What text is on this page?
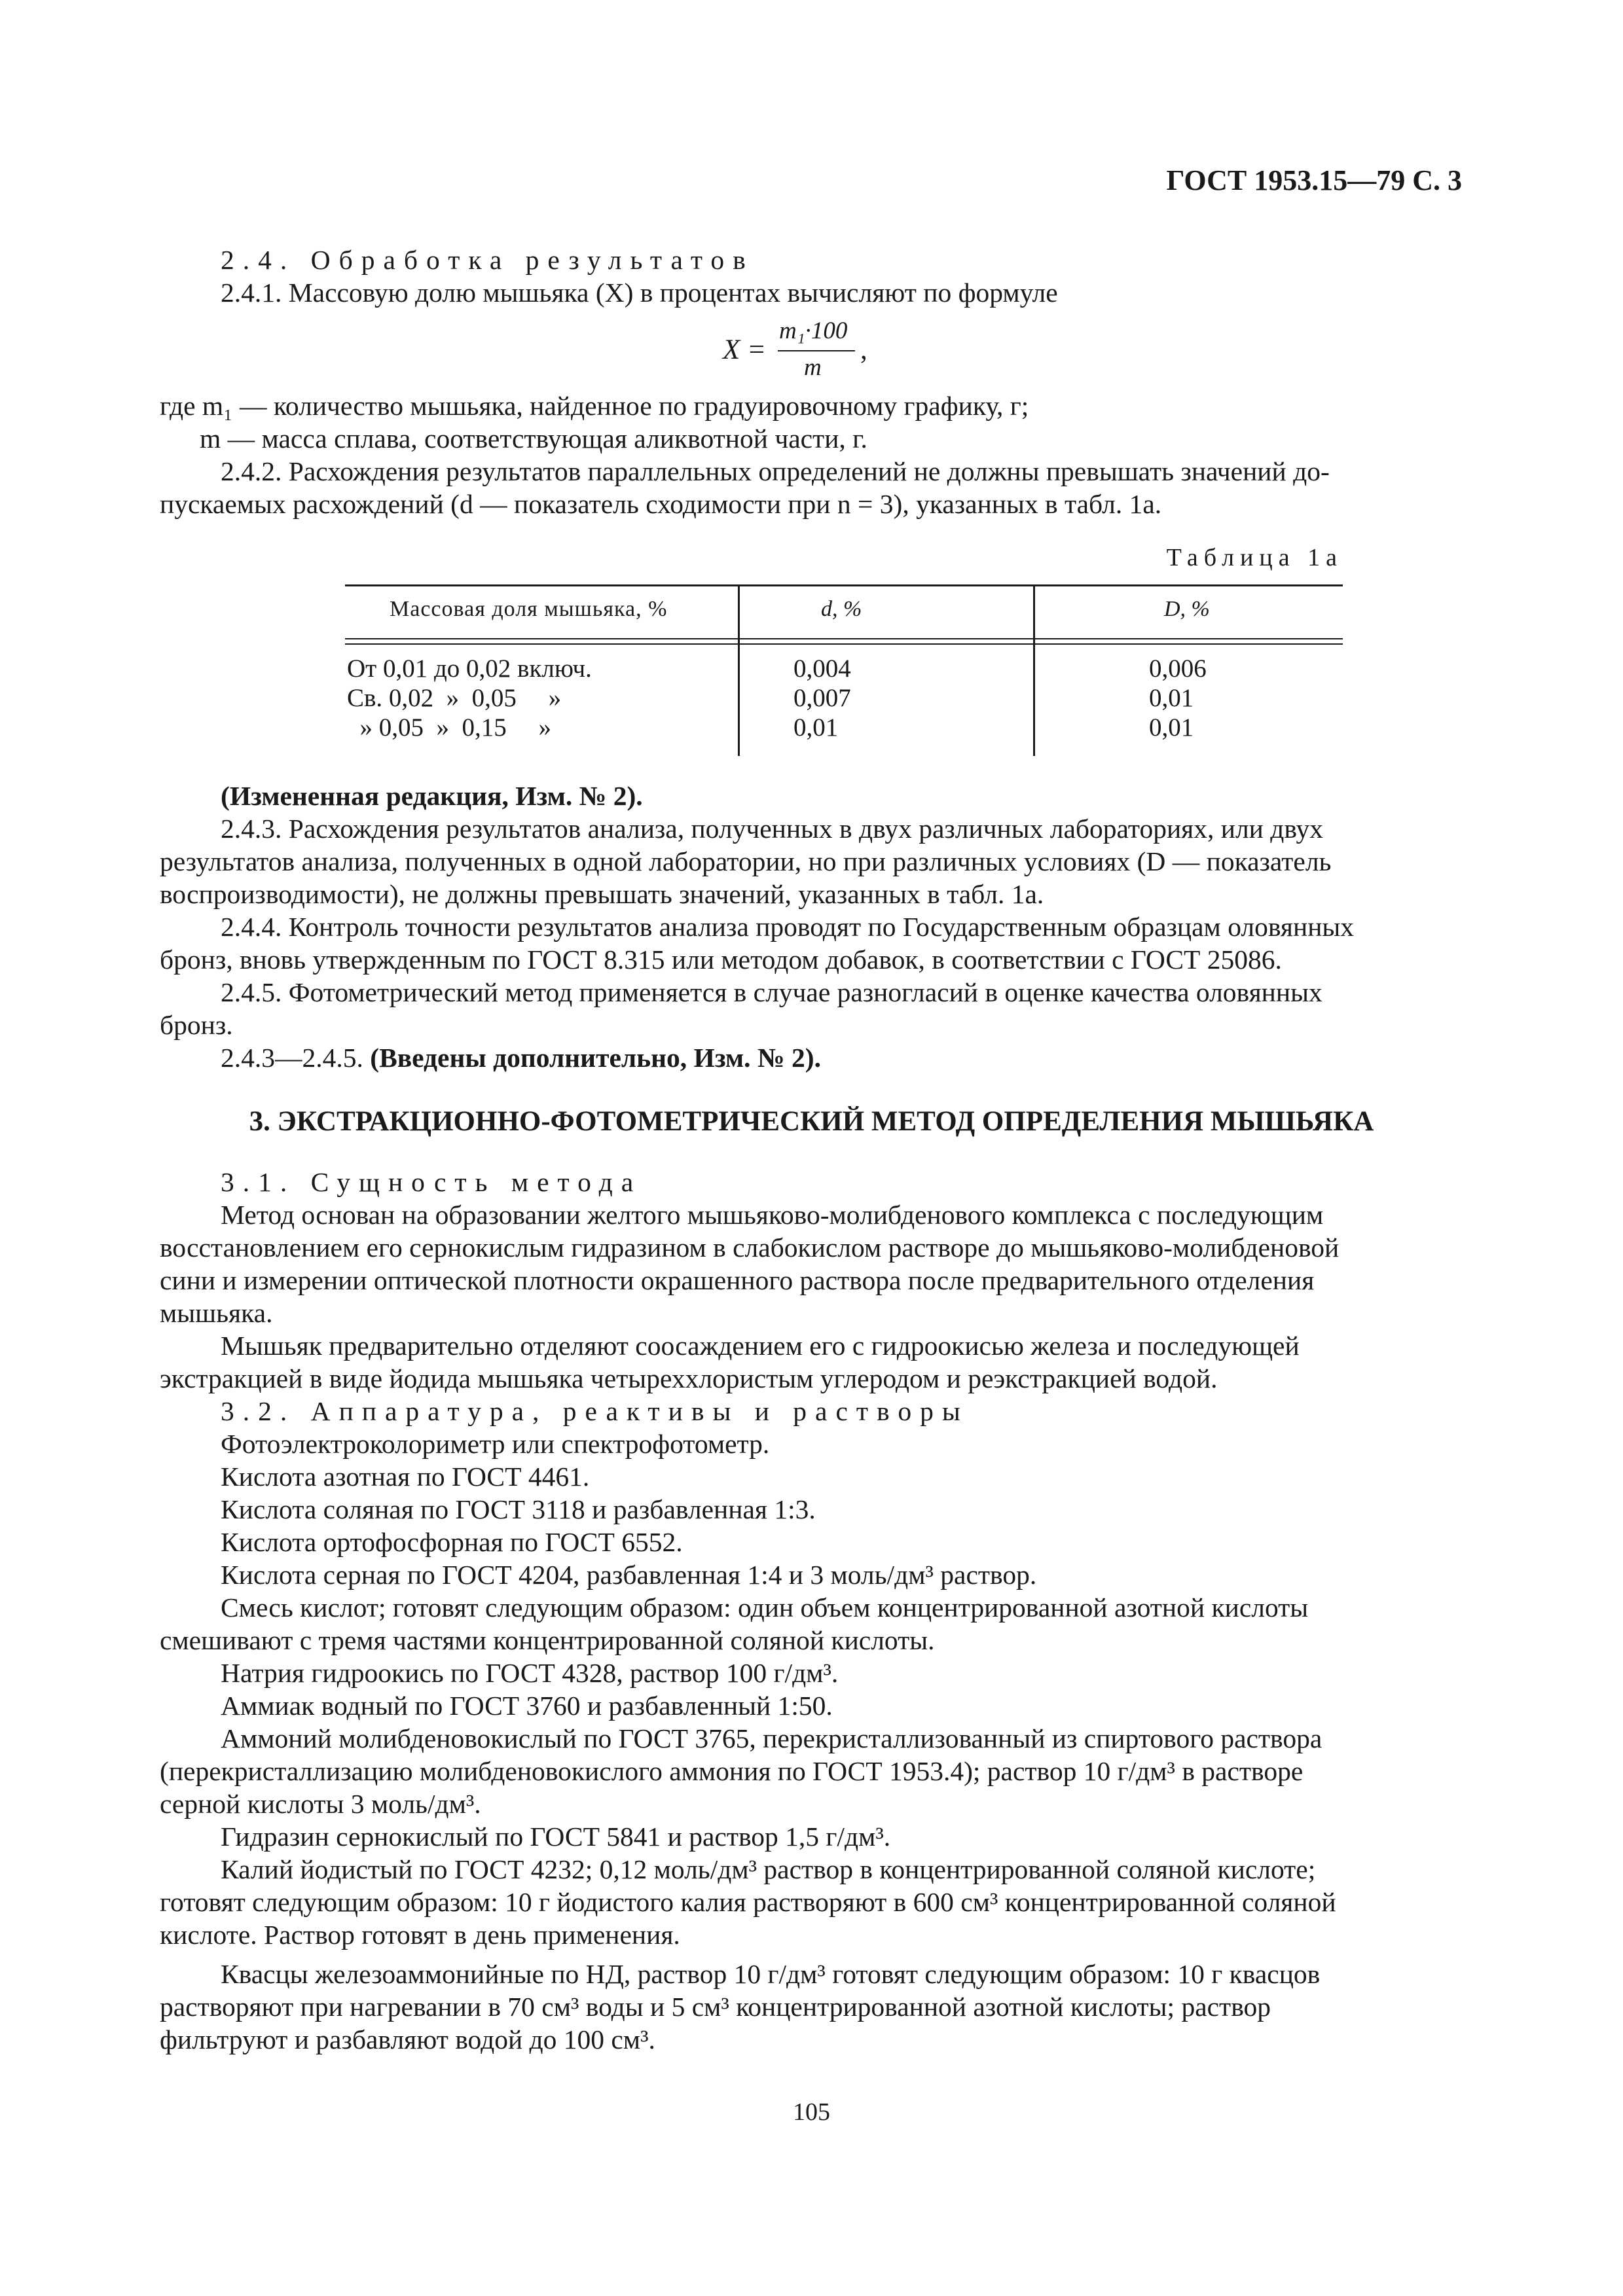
ГОСТ 1953.15—79 С. 3
2.4. Обработка результатов
2.4.1. Массовую долю мышьяка (X) в процентах вычисляют по формуле
X =
m₁·100
m
,
где m₁ — количество мышьяка, найденное по градуировочному графику, г;
m — масса сплава, соответствующая аликвотной части, г.
2.4.2. Расхождения результатов параллельных определений не должны превышать значений до-
пускаемых расхождений (d — показатель сходимости при n = 3), указанных в табл. 1а.
Таблица 1а
Массовая доля мышьяка, %	d, %	D, %
От 0,01 до 0,02 включ.
Св. 0,02  »  0,05     »
» 0,05  »  0,15     »
0,004
0,007
0,01
0,006
0,01
0,01
(Измененная редакция, Изм. № 2).
2.4.3. Расхождения результатов анализа, полученных в двух различных лабораториях, или двух
результатов анализа, полученных в одной лаборатории, но при различных условиях (D — показатель
воспроизводимости), не должны превышать значений, указанных в табл. 1а.
2.4.4. Контроль точности результатов анализа проводят по Государственным образцам оловянных
бронз, вновь утвержденным по ГОСТ 8.315 или методом добавок, в соответствии с ГОСТ 25086.
2.4.5. Фотометрический метод применяется в случае разногласий в оценке качества оловянных
бронз.
2.4.3—2.4.5. (Введены дополнительно, Изм. № 2).
3. ЭКСТРАКЦИОННО-ФОТОМЕТРИЧЕСКИЙ МЕТОД ОПРЕДЕЛЕНИЯ МЫШЬЯКА
3.1. Сущность метода
Метод основан на образовании желтого мышьяково-молибденового комплекса с последующим
восстановлением его сернокислым гидразином в слабокислом растворе до мышьяково-молибденовой
сини и измерении оптической плотности окрашенного раствора после предварительного отделения
мышьяка.
Мышьяк предварительно отделяют соосаждением его с гидроокисью железа и последующей
экстракцией в виде йодида мышьяка четыреххлористым углеродом и реэкстракцией водой.
3.2. Аппаратура, реактивы и растворы
Фотоэлектроколориметр или спектрофотометр.
Кислота азотная по ГОСТ 4461.
Кислота соляная по ГОСТ 3118 и разбавленная 1:3.
Кислота ортофосфорная по ГОСТ 6552.
Кислота серная по ГОСТ 4204, разбавленная 1:4 и 3 моль/дм³ раствор.
Смесь кислот; готовят следующим образом: один объем концентрированной азотной кислоты
смешивают с тремя частями концентрированной соляной кислоты.
Натрия гидроокись по ГОСТ 4328, раствор 100 г/дм³.
Аммиак водный по ГОСТ 3760 и разбавленный 1:50.
Аммоний молибденовокислый по ГОСТ 3765, перекристаллизованный из спиртового раствора
(перекристаллизацию молибденовокислого аммония по ГОСТ 1953.4); раствор 10 г/дм³ в растворе
серной кислоты 3 моль/дм³.
Гидразин сернокислый по ГОСТ 5841 и раствор 1,5 г/дм³.
Калий йодистый по ГОСТ 4232; 0,12 моль/дм³ раствор в концентрированной соляной кислоте;
готовят следующим образом: 10 г йодистого калия растворяют в 600 см³ концентрированной соляной
кислоте. Раствор готовят в день применения.
Квасцы железоаммонийные по НД, раствор 10 г/дм³ готовят следующим образом: 10 г квасцов
растворяют при нагревании в 70 см³ воды и 5 см³ концентрированной азотной кислоты; раствор
фильтруют и разбавляют водой до 100 см³.
105
